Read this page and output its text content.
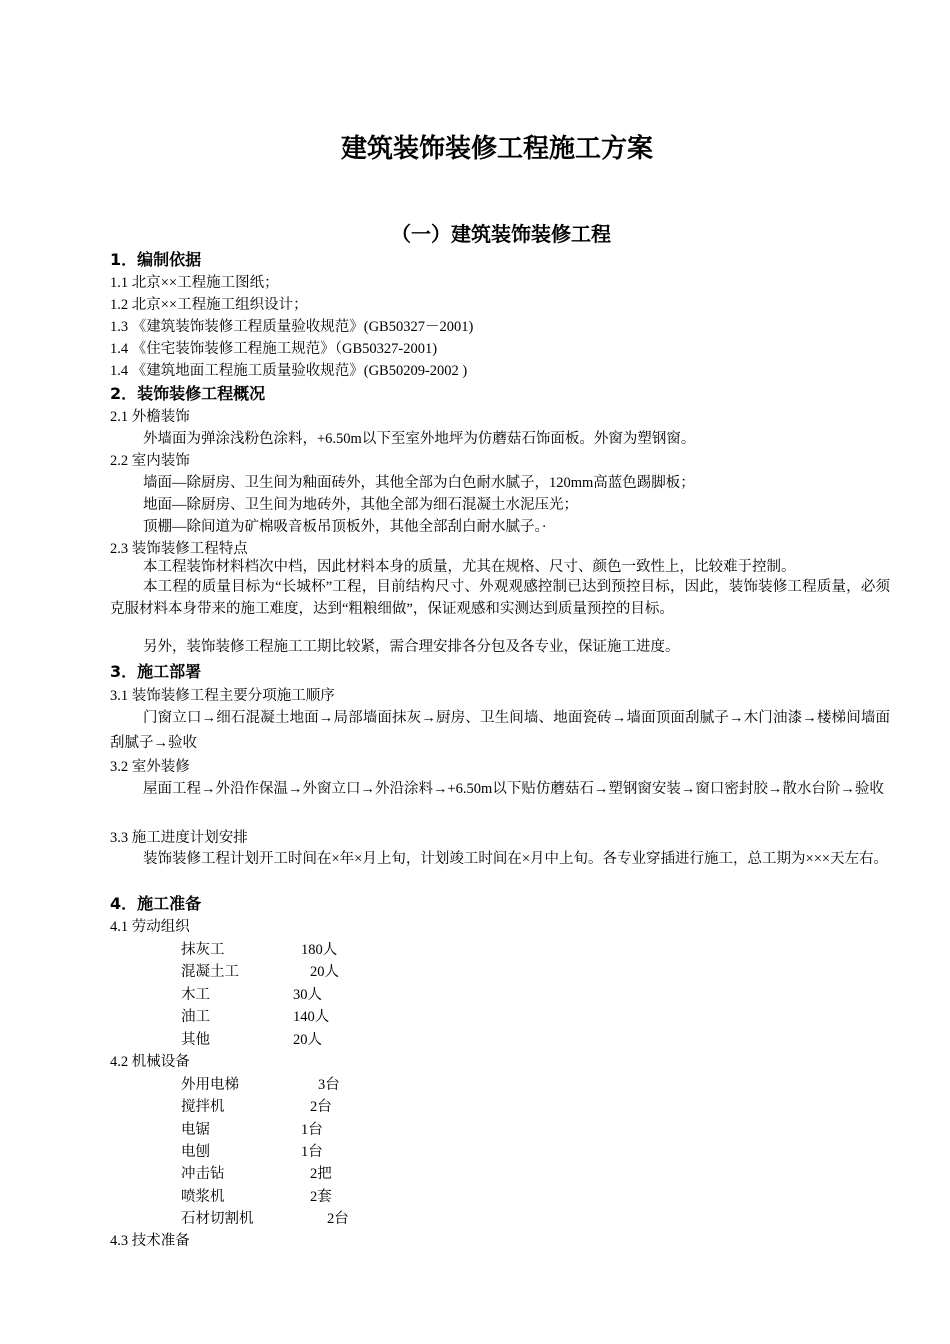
建筑装饰装修工程施工方案
（一）建筑装饰装修工程
1．编制依据
1.1 北京××工程施工图纸；
1.2 北京××工程施工组织设计；
1.3 《建筑装饰装修工程质量验收规范》(GB50327－2001)
1.4 《住宅装饰装修工程施工规范》（GB50327-2001)
1.4 《建筑地面工程施工质量验收规范》(GB50209-2002 )
2．装饰装修工程概况
2.1 外檐装饰
外墙面为弹涂浅粉色涂料，+6.50m以下至室外地坪为仿蘑菇石饰面板。外窗为塑钢窗。
2.2 室内装饰
墙面—除厨房、卫生间为釉面砖外，其他全部为白色耐水腻子，120mm高蓝色踢脚板；
地面—除厨房、卫生间为地砖外，其他全部为细石混凝土水泥压光；
顶棚—除间道为矿棉吸音板吊顶板外，其他全部刮白耐水腻子。·
2.3 装饰装修工程特点
本工程装饰材料档次中档，因此材料本身的质量，尤其在规格、尺寸、颜色一致性上，比较难于控制。
本工程的质量目标为“长城杯”工程，目前结构尺寸、外观观感控制已达到预控目标，因此，装饰装修工程质量，必须克服材料本身带来的施工难度，达到“粗粮细做”，保证观感和实测达到质量预控的目标。
另外，装饰装修工程施工工期比较紧，需合理安排各分包及各专业，保证施工进度。
3．施工部署
3.1 装饰装修工程主要分项施工顺序
门窗立口→细石混凝土地面→局部墙面抹灰→厨房、卫生间墙、地面瓷砖→墙面顶面刮腻子→木门油漆→楼梯间墙面刮腻子→验收
3.2 室外装修
屋面工程→外沿作保温→外窗立口→外沿涂料→+6.50m以下贴仿蘑菇石→塑钢窗安装→窗口密封胶→散水台阶→验收
3.3 施工进度计划安排
装饰装修工程计划开工时间在×年×月上旬，计划竣工时间在×月中上旬。各专业穿插进行施工，总工期为×××天左右。
4．施工准备
4.1 劳动组织
抹灰工	180人
混凝土工	20人
木工	30人
油工	140人
其他	20人
4.2 机械设备
外用电梯	3台
搅拌机	2台
电锯	1台
电刨	1台
冲击钻	2把
喷浆机	2套
石材切割机	2台
4.3 技术准备
